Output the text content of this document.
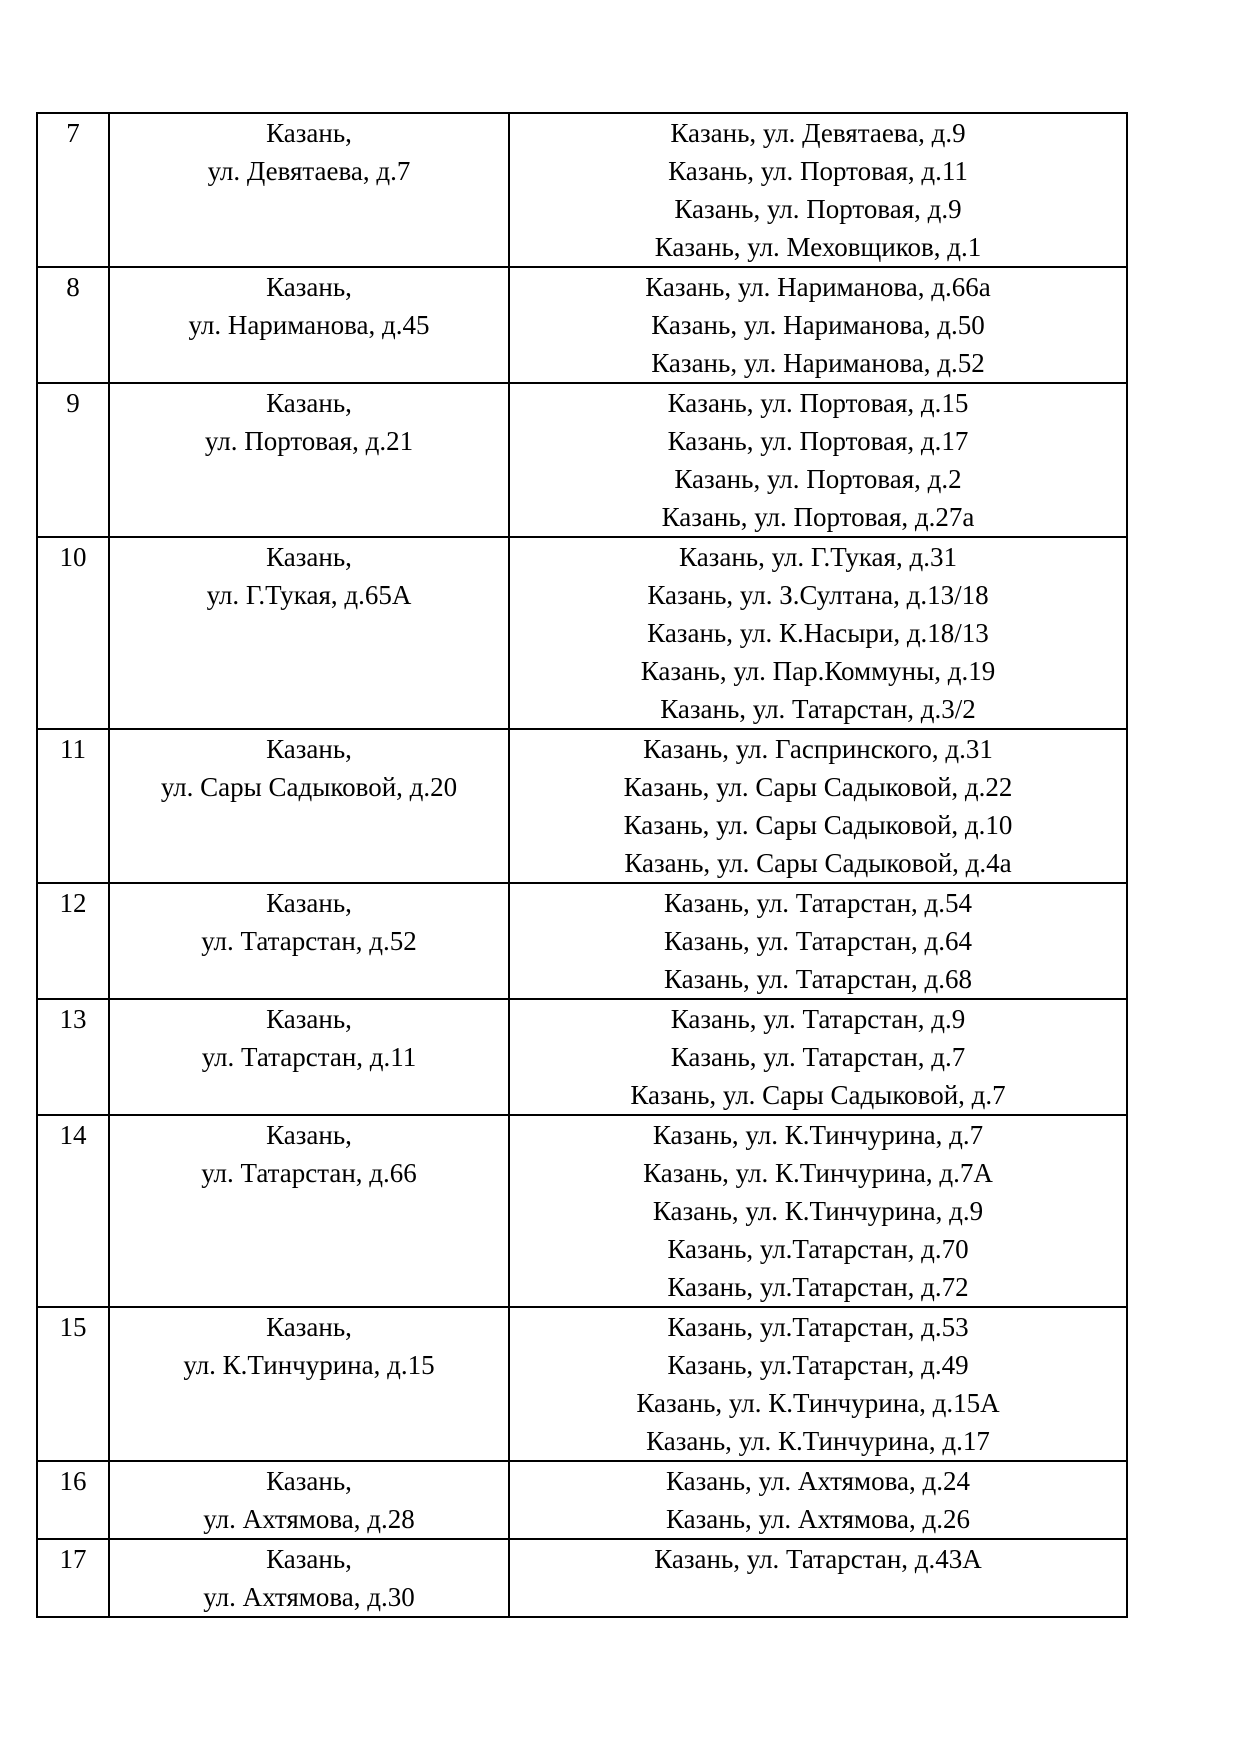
7	Казань,
ул. Девятаева, д.7	Казань, ул. Девятаева, д.9
Казань, ул. Портовая, д.11
Казань, ул. Портовая, д.9
Казань, ул. Меховщиков, д.1

8	Казань,
ул. Нариманова, д.45	Казань, ул. Нариманова, д.66а
Казань, ул. Нариманова, д.50
Казань, ул. Нариманова, д.52

9	Казань,
ул. Портовая, д.21	Казань, ул. Портовая, д.15
Казань, ул. Портовая, д.17
Казань, ул. Портовая, д.2
Казань, ул. Портовая, д.27а

10	Казань,
ул. Г.Тукая, д.65А	Казань, ул. Г.Тукая, д.31
Казань, ул. З.Султана, д.13/18
Казань, ул. К.Насыри, д.18/13
Казань, ул. Пар.Коммуны, д.19
Казань, ул. Татарстан, д.3/2

11	Казань,
ул. Сары Садыковой, д.20	Казань, ул. Гаспринского, д.31
Казань, ул. Сары Садыковой, д.22
Казань, ул. Сары Садыковой, д.10
Казань, ул. Сары Садыковой, д.4а

12	Казань,
ул. Татарстан, д.52	Казань, ул. Татарстан, д.54
Казань, ул. Татарстан, д.64
Казань, ул. Татарстан, д.68

13	Казань,
ул. Татарстан, д.11	Казань, ул. Татарстан, д.9
Казань, ул. Татарстан, д.7
Казань, ул. Сары Садыковой, д.7

14	Казань,
ул. Татарстан, д.66	Казань, ул. К.Тинчурина, д.7
Казань, ул. К.Тинчурина, д.7А
Казань, ул. К.Тинчурина, д.9
Казань, ул.Татарстан, д.70
Казань, ул.Татарстан, д.72

15	Казань,
ул. К.Тинчурина, д.15	Казань, ул.Татарстан, д.53
Казань, ул.Татарстан, д.49
Казань, ул. К.Тинчурина, д.15А
Казань, ул. К.Тинчурина, д.17

16	Казань,
ул. Ахтямова, д.28	Казань, ул. Ахтямова, д.24
Казань, ул. Ахтямова, д.26

17	Казань,
ул. Ахтямова, д.30	Казань, ул. Татарстан, д.43А
